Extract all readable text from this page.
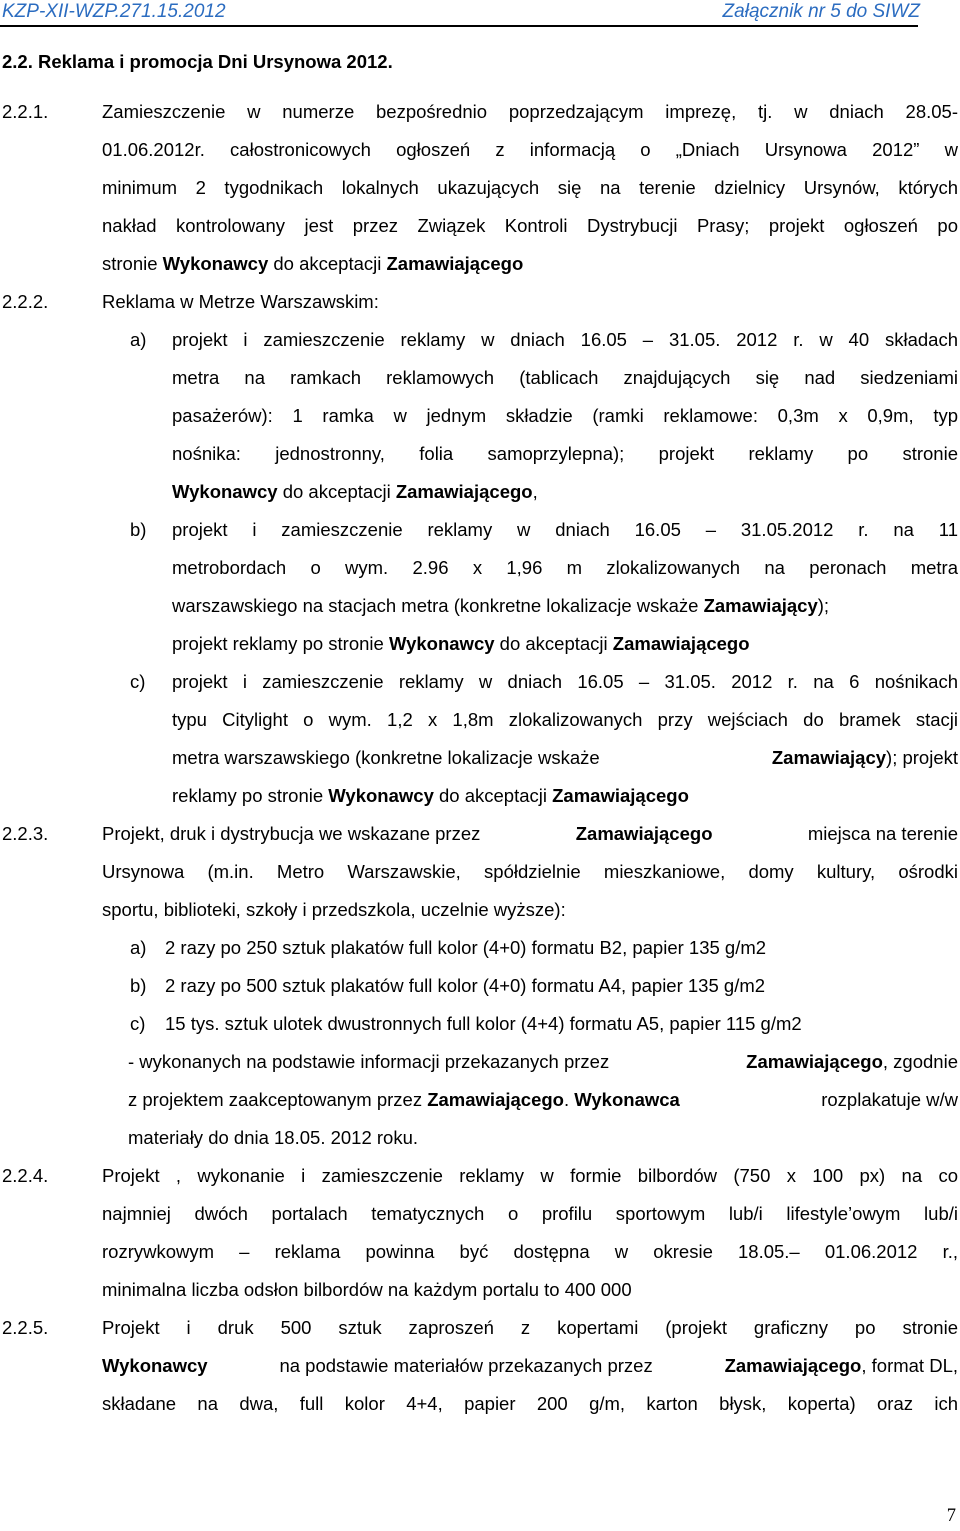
KZP-XII-WZP.271.15.2012	Załącznik nr 5 do SIWZ
2.2. Reklama i promocja Dni Ursynowa 2012.
2.2.1.	Zamieszczenie w numerze bezpośrednio poprzedzającym imprezę, tj. w dniach 28.05-
01.06.2012r. całostronicowych ogłoszeń z informacją o „Dniach Ursynowa 2012” w
minimum 2 tygodnikach lokalnych ukazujących się na terenie dzielnicy Ursynów, których
nakład kontrolowany jest przez Związek Kontroli Dystrybucji Prasy; projekt ogłoszeń po
stronie Wykonawcy do akceptacji Zamawiającego
2.2.2.	Reklama w Metrze Warszawskim:
a) projekt i zamieszczenie reklamy w dniach 16.05 – 31.05. 2012 r. w 40 składach
metra na ramkach reklamowych (tablicach znajdujących się nad siedzeniami
pasażerów): 1 ramka w jednym składzie (ramki reklamowe: 0,3m x 0,9m, typ
nośnika: jednostronny, folia samoprzylepna); projekt reklamy po stronie
Wykonawcy do akceptacji Zamawiającego,
b) projekt i zamieszczenie reklamy w dniach 16.05 – 31.05.2012 r. na 11
metrobordach o wym. 2.96 x 1,96 m zlokalizowanych na peronach metra
warszawskiego na stacjach metra (konkretne lokalizacje wskaże Zamawiający);
projekt reklamy po stronie Wykonawcy do akceptacji Zamawiającego
c) projekt i zamieszczenie reklamy w dniach 16.05 – 31.05. 2012 r. na 6 nośnikach
typu Citylight o wym. 1,2 x 1,8m zlokalizowanych przy wejściach do bramek stacji
metra warszawskiego (konkretne lokalizacje wskaże	Zamawiający); projekt
reklamy po stronie Wykonawcy do akceptacji Zamawiającego
2.2.3.	Projekt, druk i dystrybucja we wskazane przez	Zamawiającego	miejsca na terenie
Ursynowa (m.in. Metro Warszawskie, spółdzielnie mieszkaniowe, domy kultury, ośrodki
sportu, biblioteki, szkoły i przedszkola, uczelnie wyższe):
a) 2 razy po 250 sztuk plakatów full kolor (4+0) formatu B2, papier 135 g/m2
b) 2 razy po 500 sztuk plakatów full kolor (4+0) formatu A4, papier 135 g/m2
c) 15 tys. sztuk ulotek dwustronnych full kolor (4+4) formatu A5, papier 115 g/m2
- wykonanych na podstawie informacji przekazanych przez	Zamawiającego, zgodnie
z projektem zaakceptowanym przez Zamawiającego. Wykonawca	rozplakatuje w/w
materiały do dnia 18.05. 2012 roku.
2.2.4.	Projekt , wykonanie i zamieszczenie reklamy w formie bilbordów (750 x 100 px) na co
najmniej dwóch portalach tematycznych o profilu sportowym lub/i lifestyle’owym lub/i
rozrywkowym – reklama powinna być dostępna w okresie 18.05.– 01.06.2012 r.,
minimalna liczba odsłon bilbordów na każdym portalu to 400 000
2.2.5.	Projekt i druk 500 sztuk zaproszeń z kopertami (projekt graficzny po stronie
Wykonawcy	na podstawie materiałów przekazanych przez	Zamawiającego, format DL,
składane na dwa, full kolor 4+4, papier 200 g/m, karton błysk, koperta) oraz ich
7
